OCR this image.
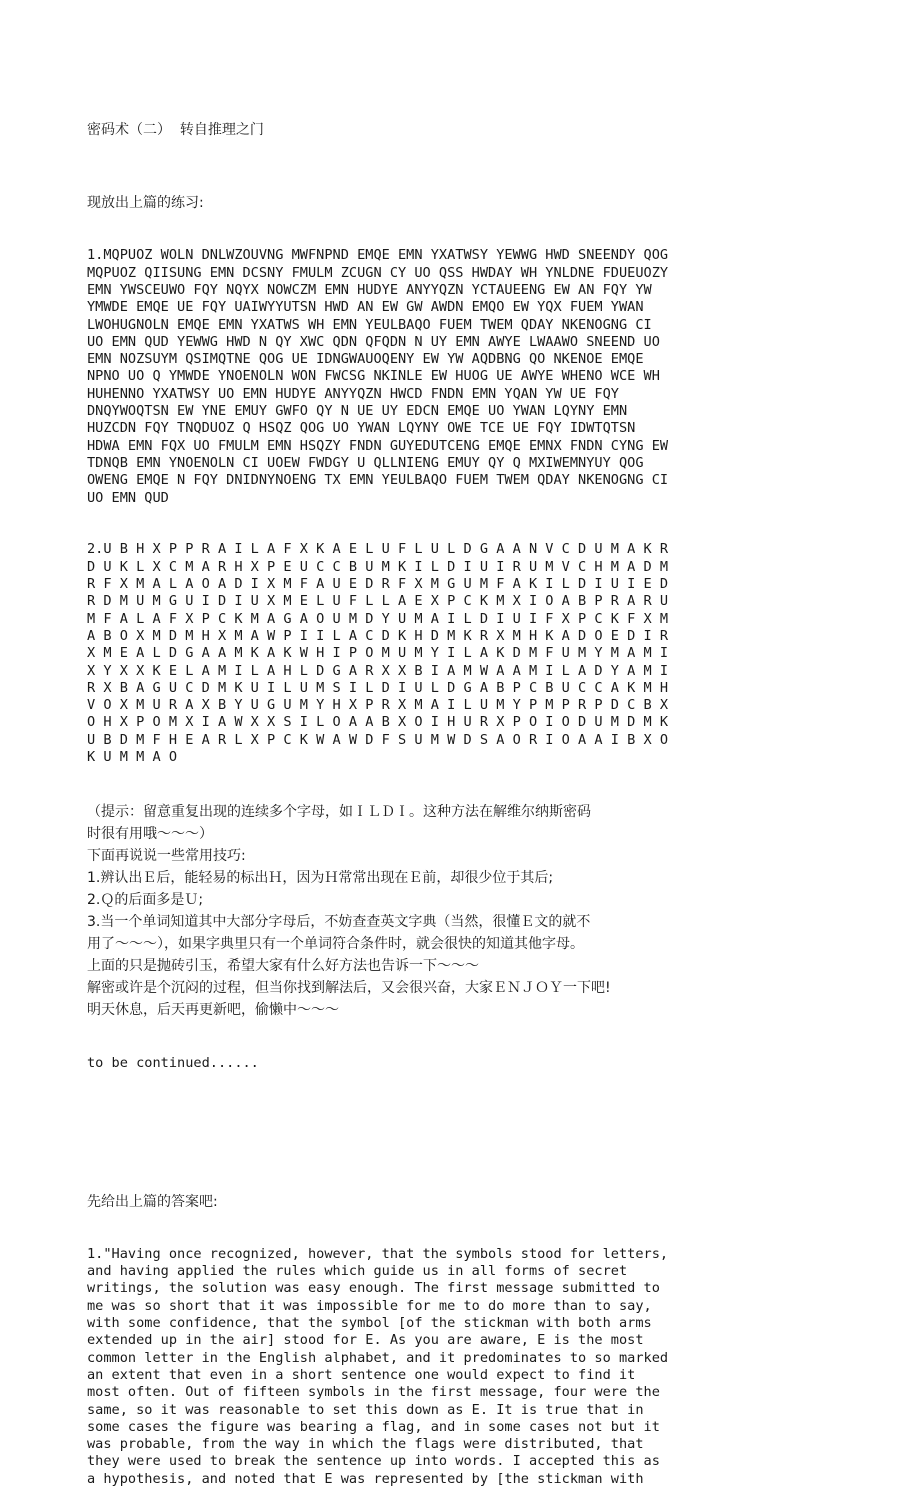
密码术（二）  转自推理之门

现放出上篇的练习:

1.MQPUOZ WOLN DNLWZOUVNG MWFNPND EMQE EMN YXATWSY YEWWG HWD SNEENDY QOG
MQPUOZ QIISUNG EMN DCSNY FMULM ZCUGN CY UO QSS HWDAY WH YNLDNE FDUEUOZY
EMN YWSCEUWO FQY NQYX NOWCZM EMN HUDYE ANYYQZN YCTAUEENG EW AN FQY YW
YMWDE EMQE UE FQY UAIWYYUTSN HWD AN EW GW AWDN EMQO EW YQX FUEM YWAN
LWOHUGNOLN EMQE EMN YXATWS WH EMN YEULBAQO FUEM TWEM QDAY NKENOGNG CI
UO EMN QUD YEWWG HWD N QY XWC QDN QFQDN N UY EMN AWYE LWAAWO SNEEND UO
EMN NOZSUYM QSIMQTNE QOG UE IDNGWAUOQENY EW YW AQDBNG QO NKENOE EMQE
NPNO UO Q YMWDE YNOENOLN WON FWCSG NKINLE EW HUOG UE AWYE WHENO WCE WH
HUHENNO YXATWSY UO EMN HUDYE ANYYQZN HWCD FNDN EMN YQAN YW UE FQY
DNQYWOQTSN EW YNE EMUY GWFO QY N UE UY EDCN EMQE UO YWAN LQYNY EMN
HUZCDN FQY TNQDUOZ Q HSQZ QOG UO YWAN LQYNY OWE TCE UE FQY IDWTQTSN
HDWA EMN FQX UO FMULM EMN HSQZY FNDN GUYEDUTCENG EMQE EMNX FNDN CYNG EW
TDNQB EMN YNOENOLN CI UOEW FWDGY U QLLNIENG EMUY QY Q MXIWEMNYUY QOG
OWENG EMQE N FQY DNIDNYNOENG TX EMN YEULBAQO FUEM TWEM QDAY NKENOGNG CI
UO EMN QUD

2.U B H X P P R A I L A F X K A E L U F L U L D G A A N V C D U M A K R
D U K L X C M A R H X P E U C C B U M K I L D I U I R U M V C H M A D M
R F X M A L A O A D I X M F A U E D R F X M G U M F A K I L D I U I E D
R D M U M G U I D I U X M E L U F L L A E X P C K M X I O A B P R A R U
M F A L A F X P C K M A G A O U M D Y U M A I L D I U I F X P C K F X M
A B O X M D M H X M A W P I I L A C D K H D M K R X M H K A D O E D I R
X M E A L D G A A M K A K W H I P O M U M Y I L A K D M F U M Y M A M I
X Y X X K E L A M I L A H L D G A R X X B I A M W A A M I L A D Y A M I
R X B A G U C D M K U I L U M S I L D I U L D G A B P C B U C C A K M H
V O X M U R A X B Y U G U M Y H X P R X M A I L U M Y P M P R P D C B X
O H X P O M X I A W X X S I L O A A B X O I H U R X P O I O D U M D M K
U B D M F H E A R L X P C K W A W D F S U M W D S A O R I O A A I B X O
K U M M A O

（提示：留意重复出现的连续多个字母，如ＩＬＤＩ。这种方法在解维尔纳斯密码
时很有用哦～～～）
下面再说说一些常用技巧:
1.辨认出Ｅ后，能轻易的标出Ｈ，因为Ｈ常常出现在Ｅ前，却很少位于其后;
2.Ｑ的后面多是Ｕ;
3.当一个单词知道其中大部分字母后，不妨查查英文字典（当然，很懂Ｅ文的就不
用了～～～），如果字典里只有一个单词符合条件时，就会很快的知道其他字母。
上面的只是抛砖引玉，希望大家有什么好方法也告诉一下～～～
解密或许是个沉闷的过程，但当你找到解法后，又会很兴奋，大家ＥＮＪＯＹ一下吧!
明天休息，后天再更新吧，偷懒中～～～

to be continued......

先给出上篇的答案吧:

1."Having once recognized, however, that the symbols stood for letters,
and having applied the rules which guide us in all forms of secret
writings, the solution was easy enough. The first message submitted to
me was so short that it was impossible for me to do more than to say,
with some confidence, that the symbol [of the stickman with both arms
extended up in the air] stood for E. As you are aware, E is the most
common letter in the English alphabet, and it predominates to so marked
an extent that even in a short sentence one would expect to find it
most often. Out of fifteen symbols in the first message, four were the
same, so it was reasonable to set this down as E. It is true that in
some cases the figure was bearing a flag, and in some cases not but it
was probable, from the way in which the flags were distributed, that
they were used to break the sentence up into words. I accepted this as
a hypothesis, and noted that E was represented by [the stickman with
